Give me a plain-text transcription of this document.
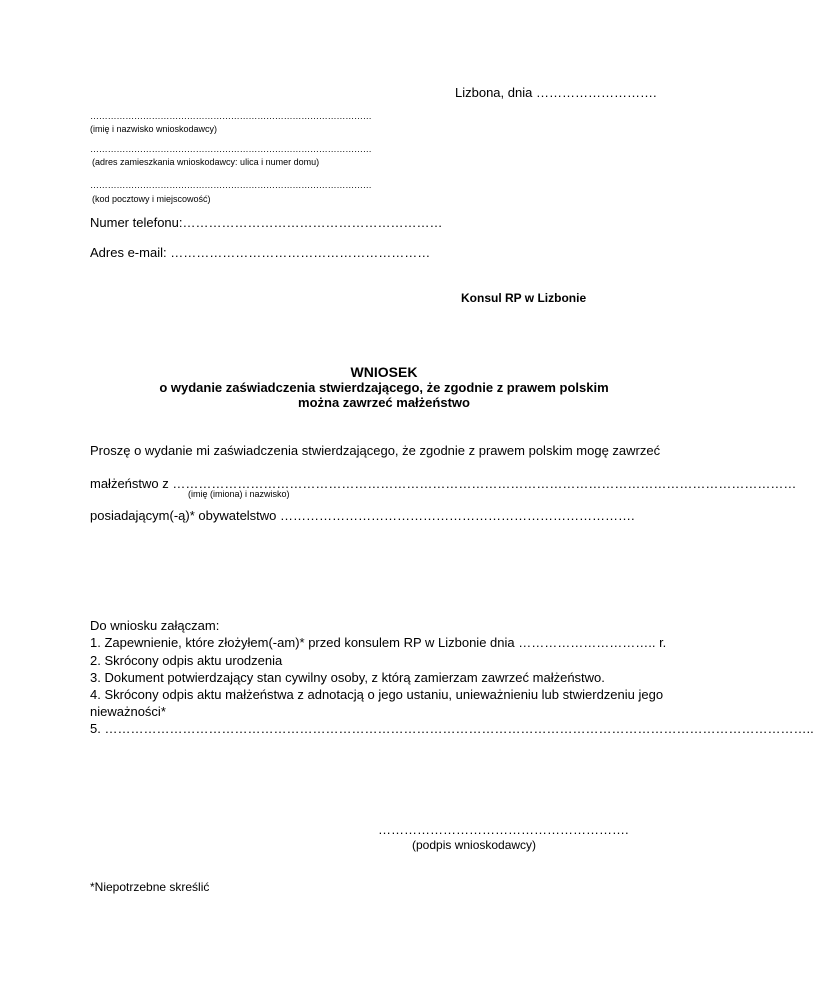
Lizbona, dnia ……………………….
……………………………………………………………………………………
(imię i nazwisko wnioskodawcy)
……………………………………………………………………………………
(adres zamieszkania wnioskodawcy: ulica i numer domu)
……………………………………………………………………………………
(kod pocztowy i miejscowość)
Numer telefonu:……………………………………………………
Adres e-mail: ……………………………………………………
Konsul RP w Lizbonie
WNIOSEK
o wydanie zaświadczenia stwierdzającego, że zgodnie z prawem polskim
można zawrzeć małżeństwo
Proszę o wydanie mi zaświadczenia stwierdzającego, że zgodnie z prawem polskim mogę zawrzeć
małżeństwo z ………………………………………………………………………………………………………………………………
(imię (imiona) i nazwisko)
posiadającym(-ą)* obywatelstwo ……………………………………………………………………….
Do wniosku załączam:
1. Zapewnienie, które złożyłem(-am)* przed konsulem RP w Lizbonie dnia ………………………….. r.
2. Skrócony odpis aktu urodzenia
3. Dokument potwierdzający stan cywilny osoby, z którą zamierzam zawrzeć małżeństwo.
4. Skrócony odpis aktu małżeństwa z adnotacją o jego ustaniu, unieważnieniu lub stwierdzeniu jego
nieważności*
5. ………………………………………………………………………………………………………………………………………………..
………………………………………………….
(podpis wnioskodawcy)
*Niepotrzebne skreślić
